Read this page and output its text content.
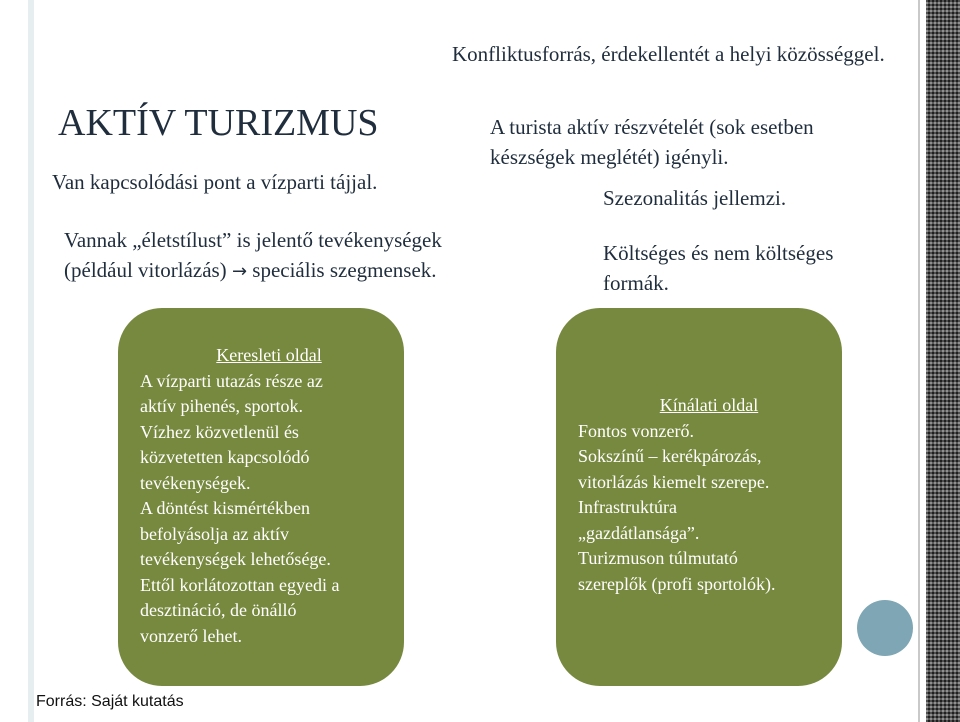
Konfliktusforrás, érdekellentét a helyi közösséggel.
AKTÍV TURIZMUS
Van kapcsolódási pont a vízparti tájjal.
Vannak „életstílust” is jelentő tevékenységek
(például vitorlázás) → speciális szegmensek.
A turista aktív részvételét (sok esetben
készségek meglétét) igényli.
Szezonalitás jellemzi.
Költséges és nem költséges
formák.
Keresleti oldal
A vízparti utazás része az
aktív pihenés, sportok.
Vízhez közvetlenül és
közvetetten kapcsolódó
tevékenységek.
A döntést kismértékben
befolyásolja az aktív
tevékenységek lehetősége.
Ettől korlátozottan egyedi a
desztináció, de önálló
vonzerő lehet.
Kínálati oldal
Fontos vonzerő.
Sokszínű – kerékpározás,
vitorlázás kiemelt szerepe.
Infrastruktúra
„gazdátlansága”.
Turizmuson túlmutató
szereplők (profi sportolók).
Forrás: Saját kutatás
